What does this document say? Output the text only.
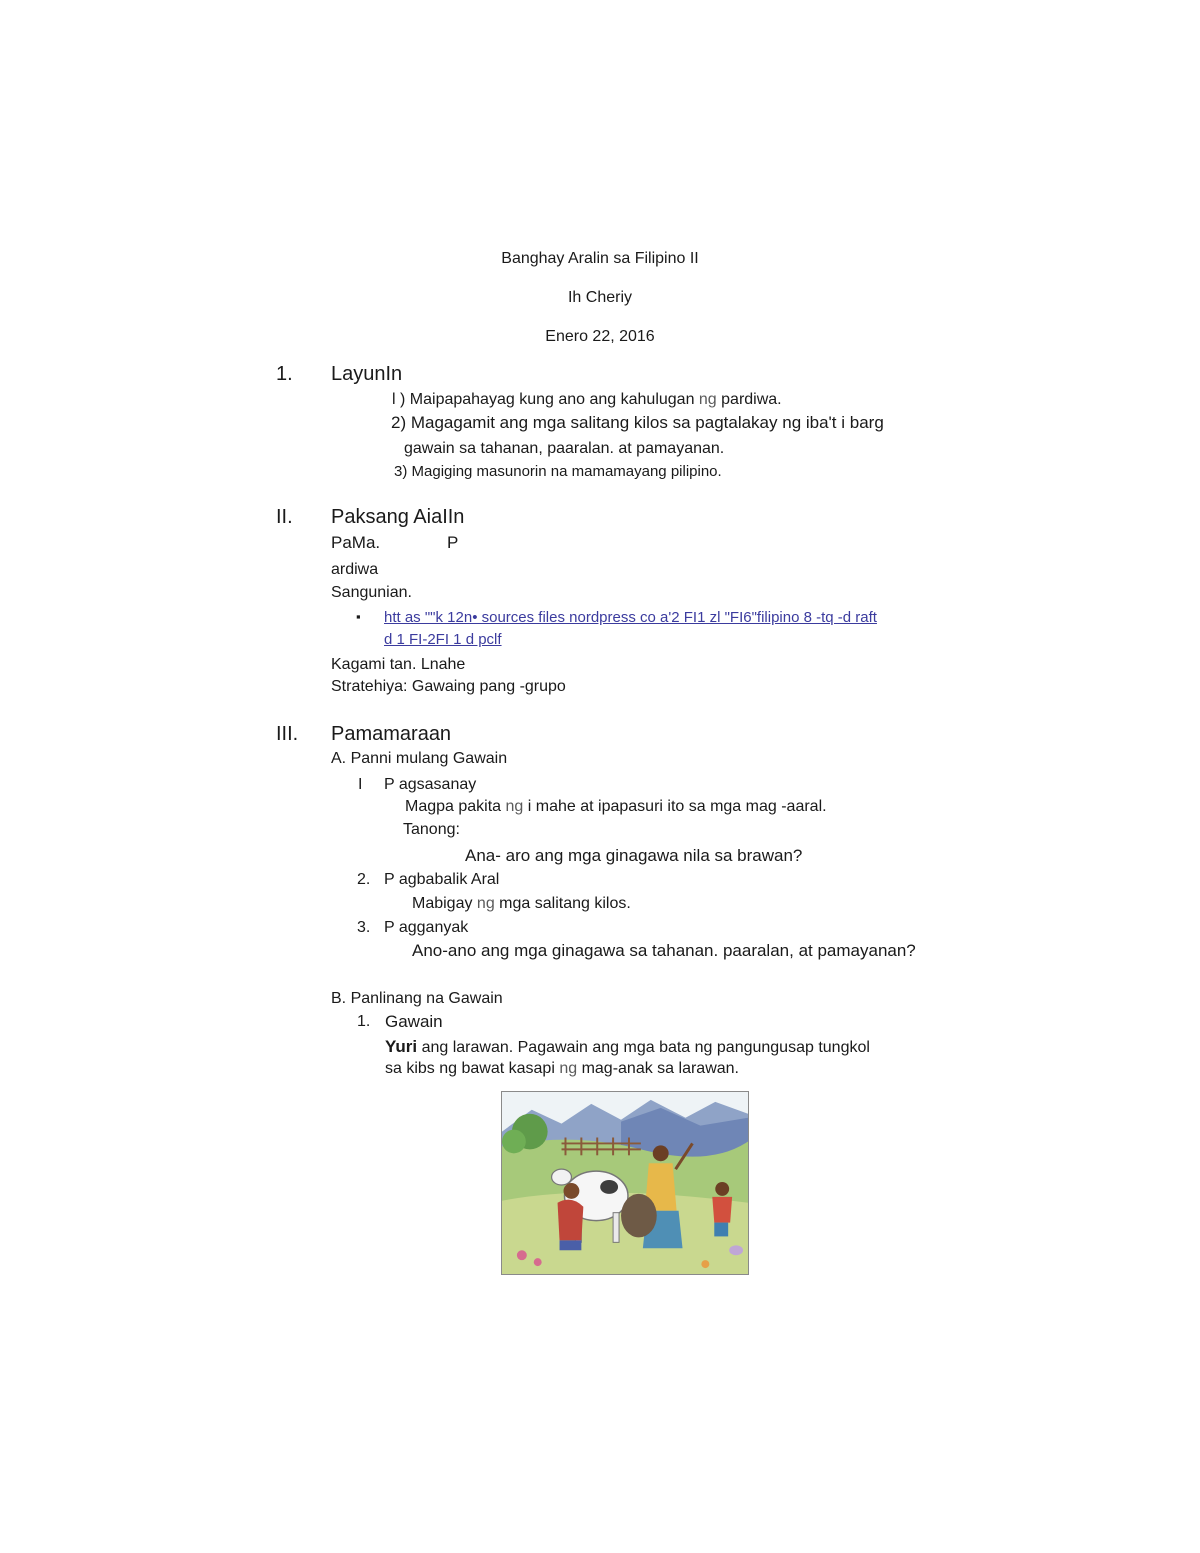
Banghay Aralin sa Filipino II
Ih Cheriy
Enero 22, 2016
1. LayunIn
l ) Maipapahayag kung ano ang kahulugan ng pardiwa.
2) Magagamit ang mga salitang kilos sa pagtalakay ng iba't i barg
gawain sa tahanan, paaralan. at pamayanan.
3) Magiging masunorin na mamamayang pilipino.
II. Paksang AiaIIn
PaMa.	P
ardiwa
Sangunian.
▪ htt as ""k 12n• sources files nordpress co a'2 FI1 zl "FI6"filipino 8 -tq -d raft
d 1 FI-2FI 1 d pclf
Kagami tan. Lnahe
Stratehiya: Gawaing pang -grupo
III. Pamamaraan
A. Panni mulang Gawain
I P agsasanay
Magpa pakita ng i mahe at ipapasuri ito sa mga mag -aaral.
Tanong:
Ana- aro ang mga ginagawa nila sa brawan?
2. P agbabalik Aral
Mabigay ng mga salitang kilos.
3. P agganyak
Ano-ano ang mga ginagawa sa tahanan. paaralan, at pamayanan?
B. Panlinang na Gawain
1. Gawain
Yuri ang larawan. Pagawain ang mga bata ng pangungusap tungkol
sa kibs ng bawat kasapi ng mag-anak sa larawan.
